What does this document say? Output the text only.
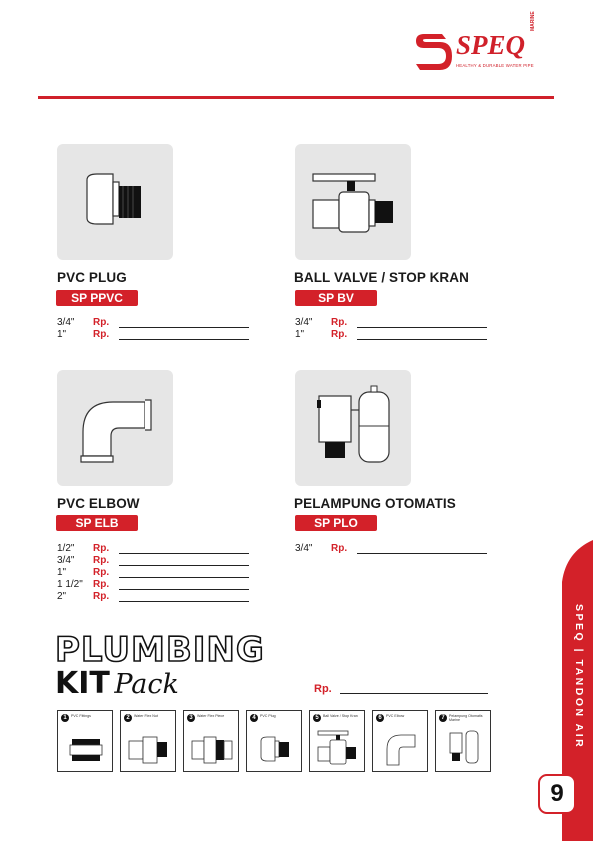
SPEQ
MARINE
HEALTHY & DURABLE WATER PIPE
PVC PLUG
SP PPVC
3/4"	Rp.
1"	Rp.
BALL VALVE / STOP KRAN
SP BV
3/4"	Rp.
1"	Rp.
PVC ELBOW
SP ELB
1/2"	Rp.
3/4"	Rp.
1"	Rp.
1 1/2"	Rp.
2"	Rp.
PELAMPUNG OTOMATIS
SP PLO
3/4"	Rp.
PLUMBING
KIT Pack	Rp.
1	PVC Fittings	2	Water Flex Nut	3	Water Flex Piece	4	PVC Plug	5	Ball Valve / Stop Kran	6	PVC Elbow	7	Pelampung Otomatis Marine	SPEQ | TANDON AIR
9
